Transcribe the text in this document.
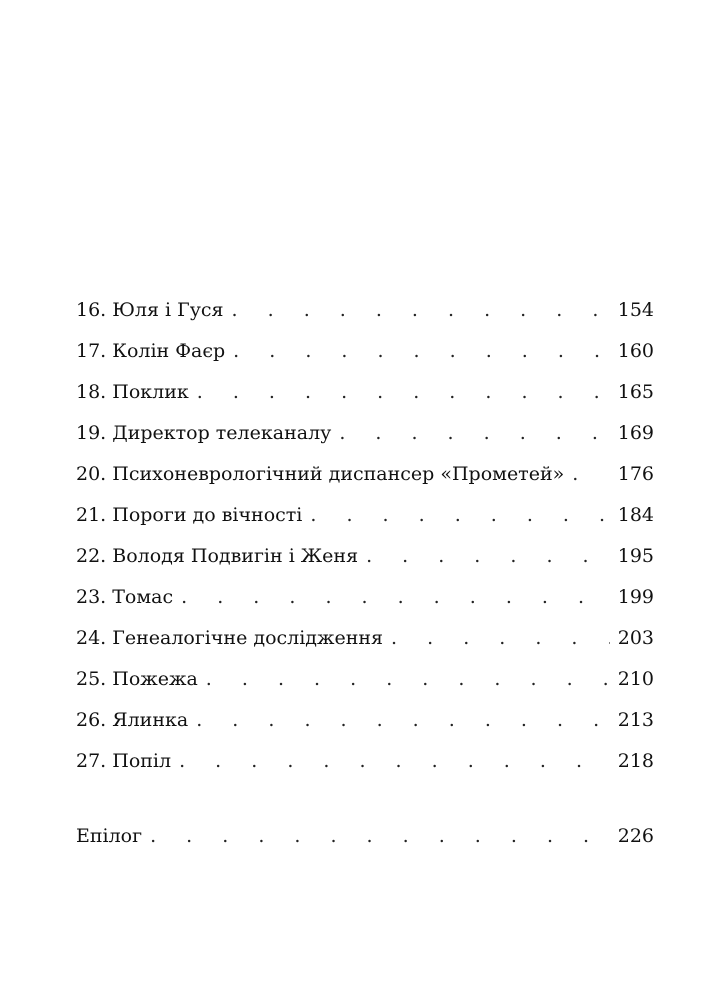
16. Юля і Гуся . . .	154
17. Колін Фаєр . . .	160
18. Поклик . . .	165
19. Директор телеканалу . . .	169
20. Психоневрологічний диспансер «Прометей» . . .	176
21. Пороги до вічності . . .	184
22. Володя Подвигін і Женя . . .	195
23. Томас . . .	199
24. Генеалогічне дослідження . . .	203
25. Пожежа . . .	210
26. Ялинка . . .	213
27. Попіл . . .	218
Епілог . . .	226
